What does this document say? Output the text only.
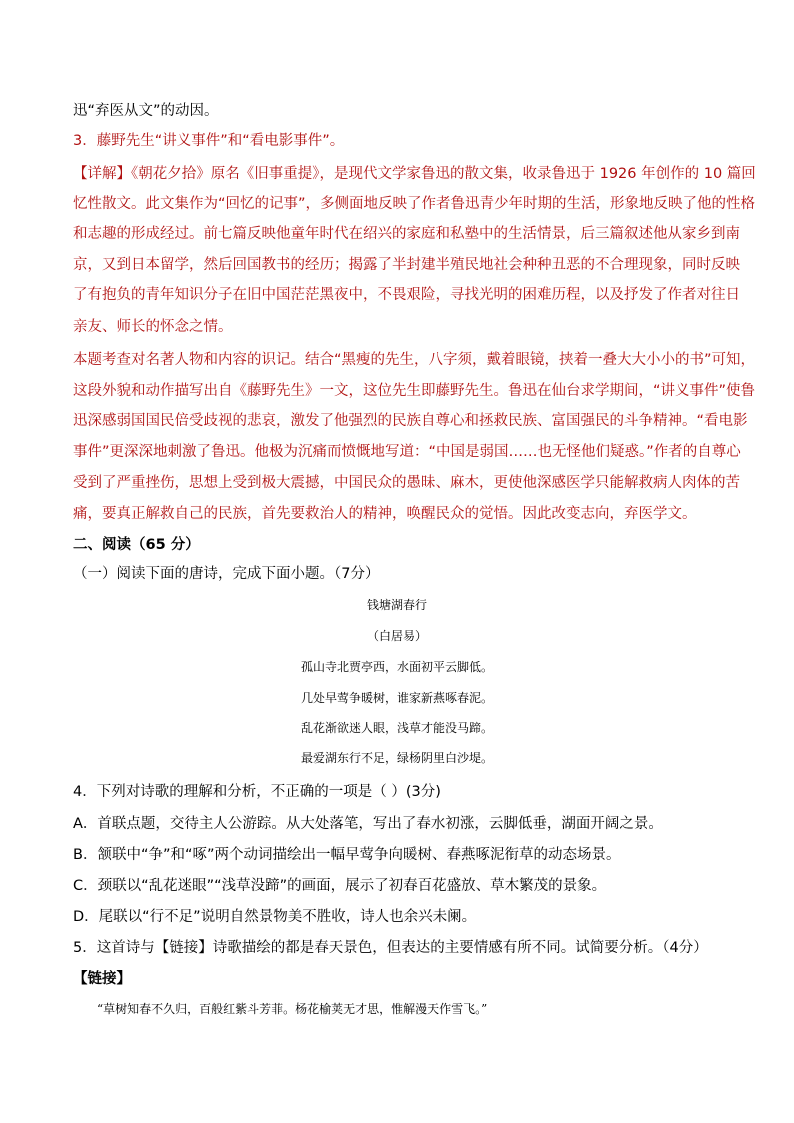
迅“弃医从文”的动因。
3．藤野先生“讲义事件”和“看电影事件”。
【详解】《朝花夕拾》原名《旧事重提》，是现代文学家鲁迅的散文集，收录鲁迅于 1926 年创作的 10 篇回
忆性散文。此文集作为“回忆的记事”，多侧面地反映了作者鲁迅青少年时期的生活，形象地反映了他的性格
和志趣的形成经过。前七篇反映他童年时代在绍兴的家庭和私塾中的生活情景，后三篇叙述他从家乡到南
京，又到日本留学，然后回国教书的经历；揭露了半封建半殖民地社会种种丑恶的不合理现象，同时反映
了有抱负的青年知识分子在旧中国茫茫黑夜中，不畏艰险，寻找光明的困难历程，以及抒发了作者对往日
亲友、师长的怀念之情。
本题考查对名著人物和内容的识记。结合“黑瘦的先生，八字须，戴着眼镜，挟着一叠大大小小的书”可知，
这段外貌和动作描写出自《藤野先生》一文，这位先生即藤野先生。鲁迅在仙台求学期间，“讲义事件”使鲁
迅深感弱国国民倍受歧视的悲哀，激发了他强烈的民族自尊心和拯救民族、富国强民的斗争精神。“看电影
事件”更深深地刺激了鲁迅。他极为沉痛而愤慨地写道：“中国是弱国……也无怪他们疑惑。”作者的自尊心
受到了严重挫伤，思想上受到极大震撼，中国民众的愚昧、麻木，更使他深感医学只能解救病人肉体的苦
痛，要真正解救自己的民族，首先要救治人的精神，唤醒民众的觉悟。因此改变志向，弃医学文。
二、阅读（65 分）
（一）阅读下面的唐诗，完成下面小题。（7分）
钱塘湖春行
（白居易）
孤山寺北贾亭西，水面初平云脚低。
几处早莺争暖树，谁家新燕啄春泥。
乱花渐欲迷人眼，浅草才能没马蹄。
最爱湖东行不足，绿杨阴里白沙堤。
4．下列对诗歌的理解和分析，不正确的一项是（ ）(3分)
A．首联点题，交待主人公游踪。从大处落笔，写出了春水初涨，云脚低垂，湖面开阔之景。
B．颔联中“争”和“啄”两个动词描绘出一幅早莺争向暖树、春燕啄泥衔草的动态场景。
C．颈联以“乱花迷眼”“浅草没蹄”的画面，展示了初春百花盛放、草木繁茂的景象。
D．尾联以“行不足”说明自然景物美不胜收，诗人也余兴未阑。
5．这首诗与【链接】诗歌描绘的都是春天景色，但表达的主要情感有所不同。试简要分析。（4分）
【链接】
“草树知春不久归，百般红紫斗芳菲。杨花榆荚无才思，惟解漫天作雪飞。”
